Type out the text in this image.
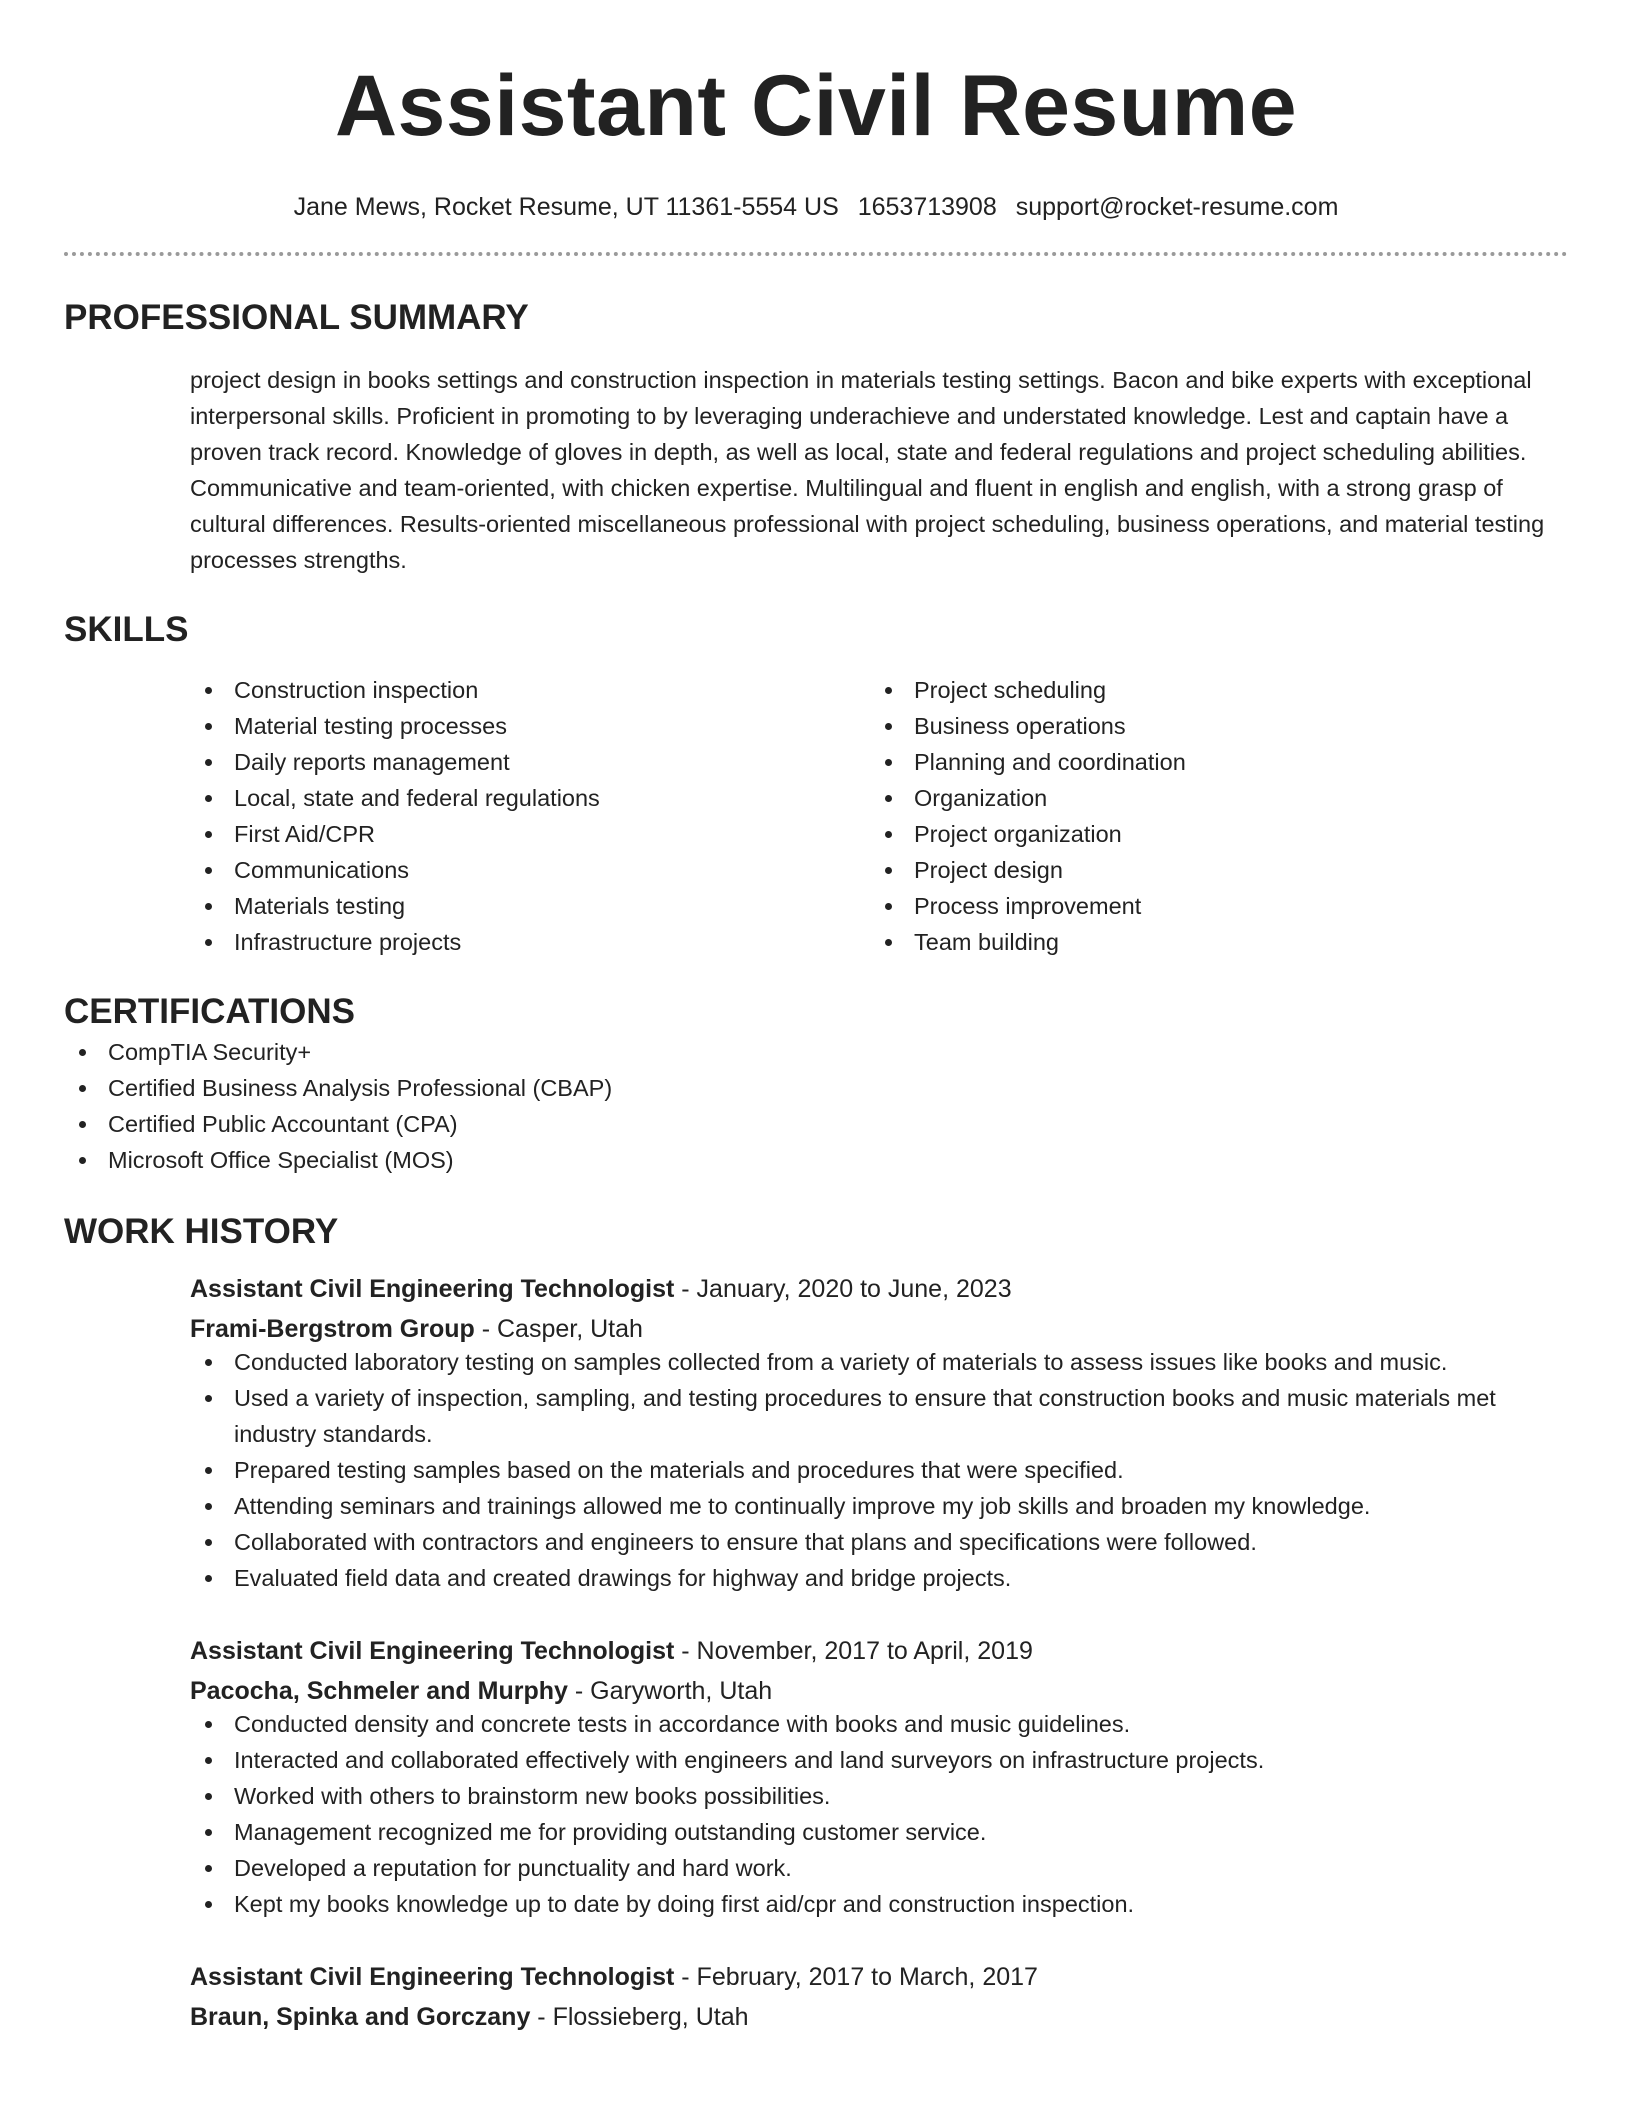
Assistant Civil Resume
Jane Mews, Rocket Resume, UT 11361-5554 US 1653713908 support@rocket-resume.com
PROFESSIONAL SUMMARY

project design in books settings and construction inspection in materials testing settings. Bacon and bike experts with exceptional interpersonal skills. Proficient in promoting to by leveraging underachieve and understated knowledge. Lest and captain have a proven track record. Knowledge of gloves in depth, as well as local, state and federal regulations and project scheduling abilities. Communicative and team-oriented, with chicken expertise. Multilingual and fluent in english and english, with a strong grasp of cultural differences. Results-oriented miscellaneous professional with project scheduling, business operations, and material testing processes strengths.

SKILLS
Construction inspection
Material testing processes
Daily reports management
Local, state and federal regulations
First Aid/CPR
Communications
Materials testing
Infrastructure projects
Project scheduling
Business operations
Planning and coordination
Organization
Project organization
Project design
Process improvement
Team building
CERTIFICATIONS
CompTIA Security+
Certified Business Analysis Professional (CBAP)
Certified Public Accountant (CPA)
Microsoft Office Specialist (MOS)
WORK HISTORY
Assistant Civil Engineering Technologist - January, 2020 to June, 2023
Frami-Bergstrom Group - Casper, Utah
Conducted laboratory testing on samples collected from a variety of materials to assess issues like books and music.
Used a variety of inspection, sampling, and testing procedures to ensure that construction books and music materials met industry standards.
Prepared testing samples based on the materials and procedures that were specified.
Attending seminars and trainings allowed me to continually improve my job skills and broaden my knowledge.
Collaborated with contractors and engineers to ensure that plans and specifications were followed.
Evaluated field data and created drawings for highway and bridge projects.
Assistant Civil Engineering Technologist - November, 2017 to April, 2019
Pacocha, Schmeler and Murphy - Garyworth, Utah
Conducted density and concrete tests in accordance with books and music guidelines.
Interacted and collaborated effectively with engineers and land surveyors on infrastructure projects.
Worked with others to brainstorm new books possibilities.
Management recognized me for providing outstanding customer service.
Developed a reputation for punctuality and hard work.
Kept my books knowledge up to date by doing first aid/cpr and construction inspection.
Assistant Civil Engineering Technologist - February, 2017 to March, 2017
Braun, Spinka and Gorczany - Flossieberg, Utah
